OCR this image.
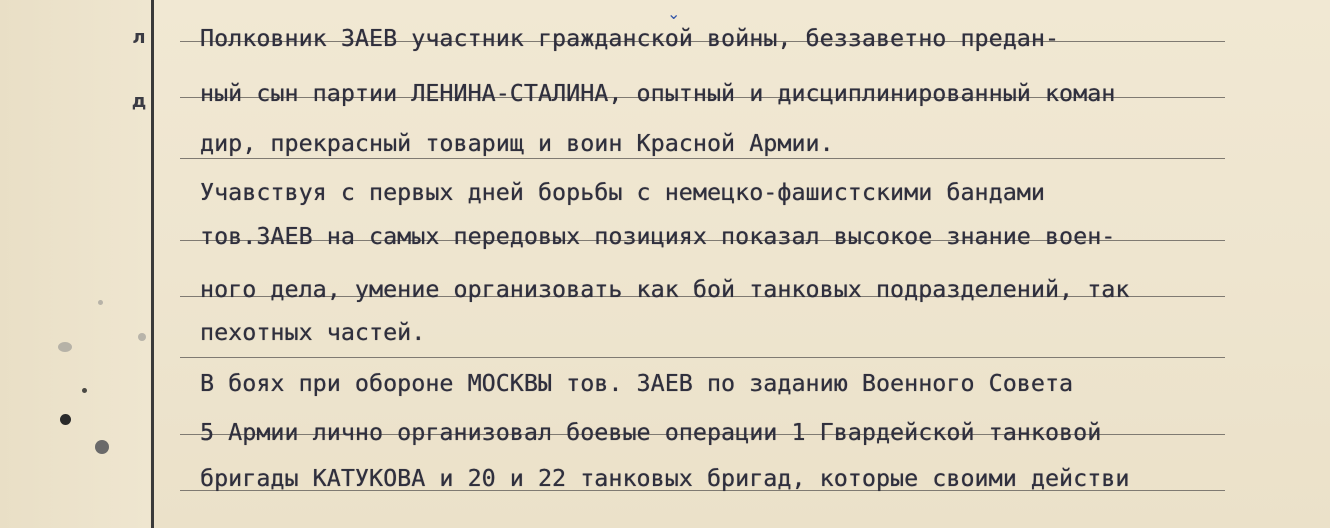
л
д
⌄
Полковник ЗАЕВ участник гражданской войны, беззаветно предан-
ный сын партии ЛЕНИНА-СТАЛИНА, опытный и дисциплинированный коман
дир, прекрасный товарищ и воин Красной Армии.
Учавствуя с первых дней борьбы с немецко-фашистскими бандами
тов.ЗАЕВ на самых передовых позициях показал высокое знание воен-
ного дела, умение организовать как бой танковых подразделений, так
пехотных частей.
В боях при обороне МОСКВЫ тов. ЗАЕВ по заданию Военного Совета
5 Армии лично организовал боевые операции 1 Гвардейской танковой
бригады КАТУКОВА и 20 и 22 танковых бригад, которые своими действи
